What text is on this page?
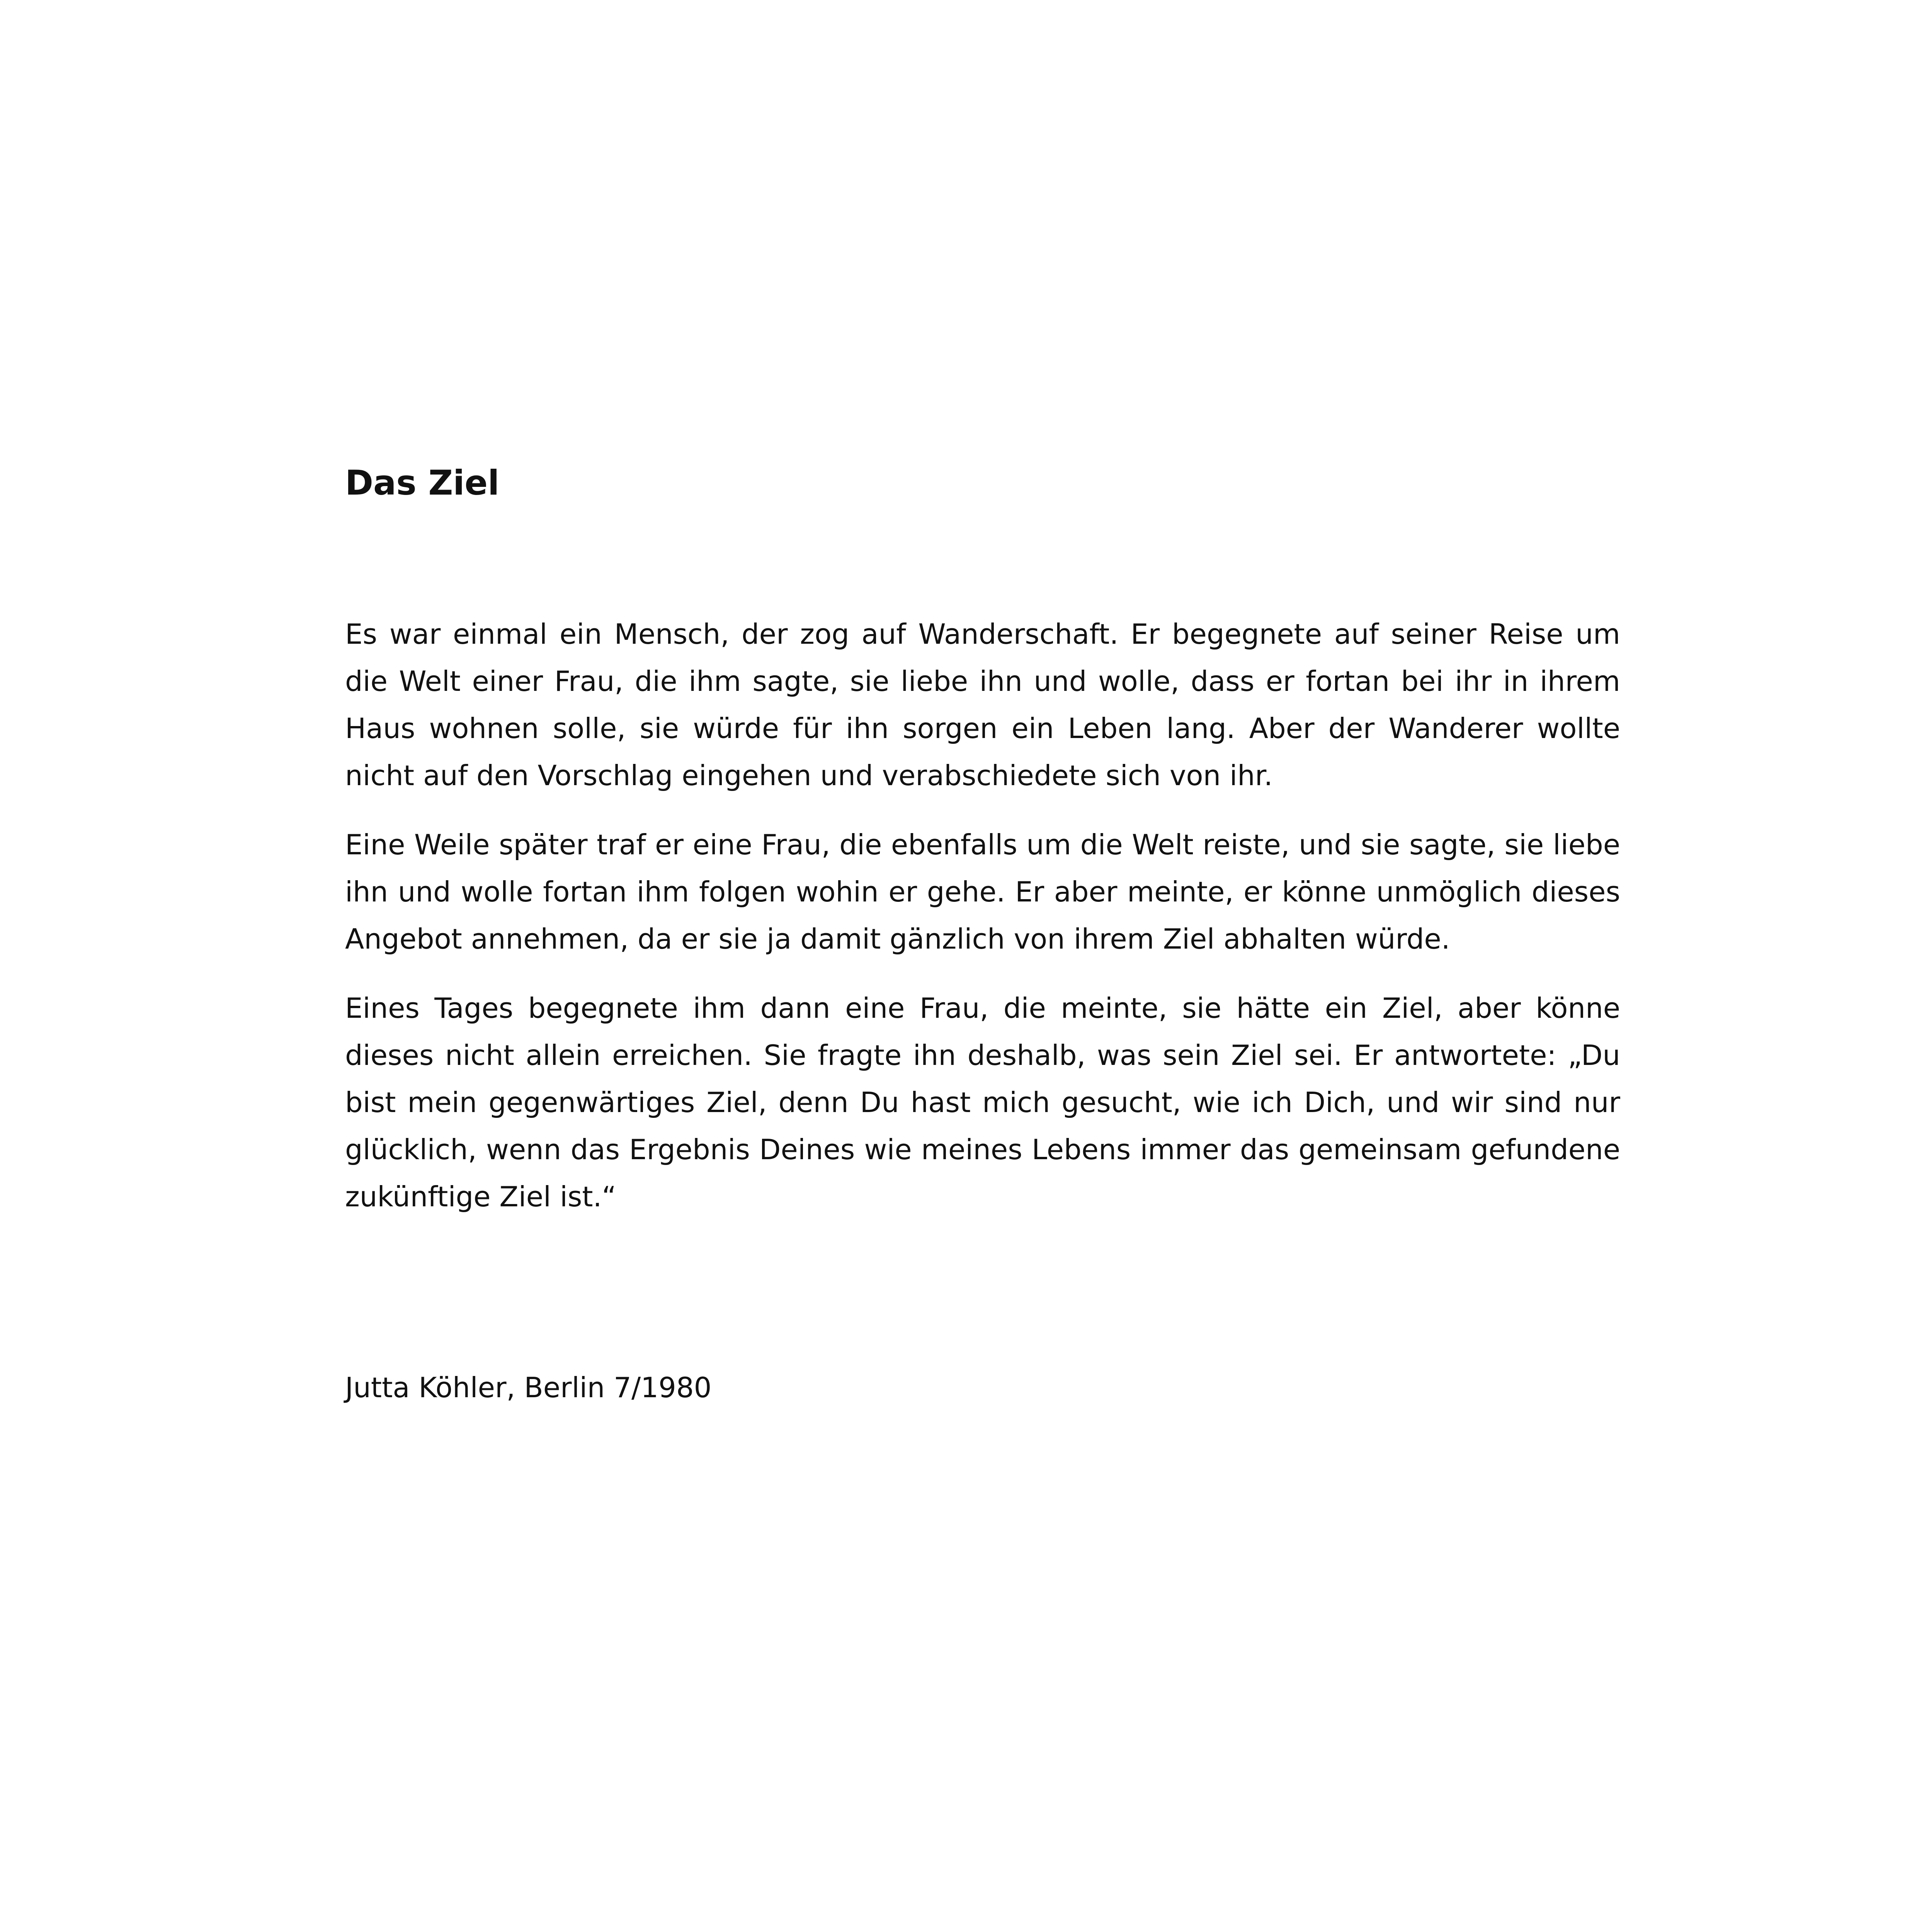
Das Ziel

Es war einmal ein Mensch, der zog auf Wanderschaft. Er begegnete auf seiner Reise um die Welt einer Frau, die ihm sagte, sie liebe ihn und wolle, dass er fortan bei ihr in ihrem Haus wohnen solle, sie würde für ihn sorgen ein Leben lang. Aber der Wanderer wollte nicht auf den Vorschlag eingehen und verabschiedete sich von ihr.

Eine Weile später traf er eine Frau, die ebenfalls um die Welt reiste, und sie sagte, sie liebe ihn und wolle fortan ihm folgen wohin er gehe. Er aber meinte, er könne unmöglich dieses Angebot annehmen, da er sie ja damit gänzlich von ihrem Ziel abhalten würde.

Eines Tages begegnete ihm dann eine Frau, die meinte, sie hätte ein Ziel, aber könne dieses nicht allein erreichen. Sie fragte ihn deshalb, was sein Ziel sei. Er antwortete: „Du bist mein gegenwärtiges Ziel, denn Du hast mich gesucht, wie ich Dich, und wir sind nur glücklich, wenn das Ergebnis Deines wie meines Lebens immer das gemeinsam gefundene zukünftige Ziel ist.“

Jutta Köhler, Berlin 7/1980
